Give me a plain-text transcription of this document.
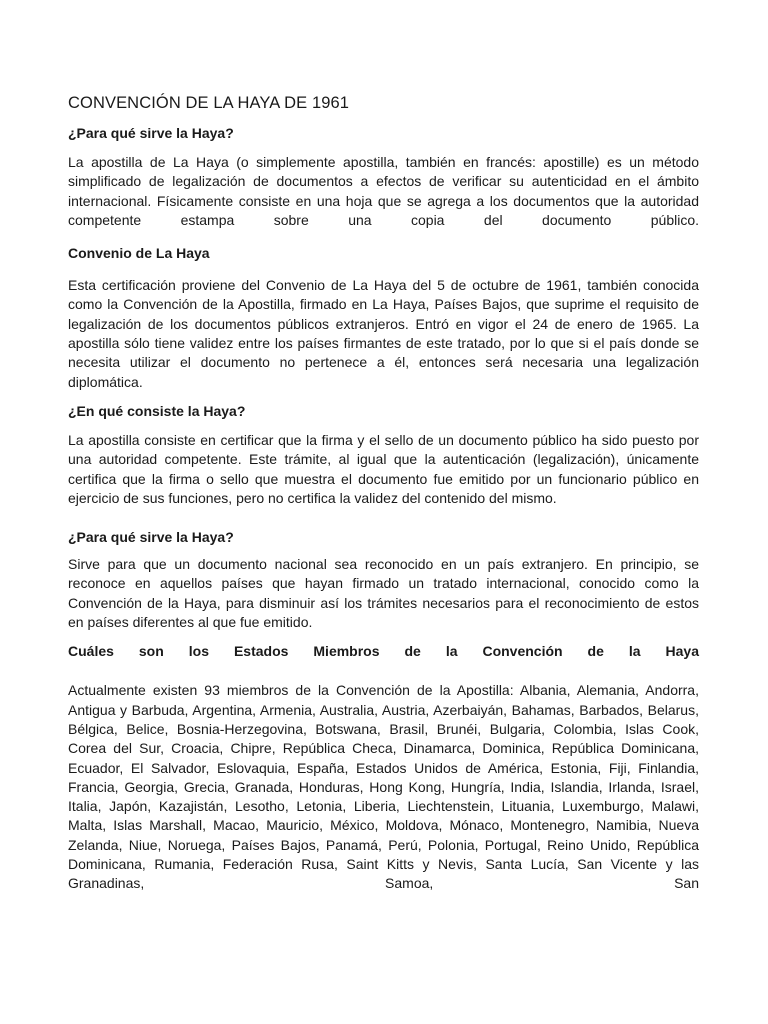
CONVENCIÓN DE LA HAYA DE 1961
¿Para qué sirve la Haya?

La apostilla de La Haya (o simplemente apostilla, también en francés: apostille) es un método simplificado de legalización de documentos a efectos de verificar su autenticidad en el ámbito internacional. Físicamente consiste en una hoja que se agrega a los documentos que la autoridad competente estampa sobre una copia del documento público.

Convenio de La Haya

Esta certificación proviene del Convenio de La Haya del 5 de octubre de 1961, también conocida como la Convención de la Apostilla, firmado en La Haya, Países Bajos, que suprime el requisito de legalización de los documentos públicos extranjeros. Entró en vigor el 24 de enero de 1965. La apostilla sólo tiene validez entre los países firmantes de este tratado, por lo que si el país donde se necesita utilizar el documento no pertenece a él, entonces será necesaria una legalización diplomática.

¿En qué consiste la Haya?

La apostilla consiste en certificar que la firma y el sello de un documento público ha sido puesto por una autoridad competente. Este trámite, al igual que la autenticación (legalización), únicamente certifica que la firma o sello que muestra el documento fue emitido por un funcionario público en ejercicio de sus funciones, pero no certifica la validez del contenido del mismo.

¿Para qué sirve la Haya?

Sirve para que un documento nacional sea reconocido en un país extranjero. En principio, se reconoce en aquellos países que hayan firmado un tratado internacional, conocido como la Convención de la Haya, para disminuir así los trámites necesarios para el reconocimiento de estos en países diferentes al que fue emitido.

Cuáles son los Estados Miembros de la Convención de la Haya

Actualmente existen 93 miembros de la Convención de la Apostilla: Albania, Alemania, Andorra, Antigua y Barbuda, Argentina, Armenia, Australia, Austria, Azerbaiyán, Bahamas, Barbados, Belarus, Bélgica, Belice, Bosnia-Herzegovina, Botswana, Brasil, Brunéi, Bulgaria, Colombia, Islas Cook, Corea del Sur, Croacia, Chipre, República Checa, Dinamarca, Dominica, República Dominicana, Ecuador, El Salvador, Eslovaquia, España, Estados Unidos de América, Estonia, Fiji, Finlandia, Francia, Georgia, Grecia, Granada, Honduras, Hong Kong, Hungría, India, Islandia, Irlanda, Israel, Italia, Japón, Kazajistán, Lesotho, Letonia, Liberia, Liechtenstein, Lituania, Luxemburgo, Malawi, Malta, Islas Marshall, Macao, Mauricio, México, Moldova, Mónaco, Montenegro, Namibia, Nueva Zelanda, Niue, Noruega, Países Bajos, Panamá, Perú, Polonia, Portugal, Reino Unido, República Dominicana, Rumania, Federación Rusa, Saint Kitts y Nevis, Santa Lucía, San Vicente y las Granadinas, Samoa, San
